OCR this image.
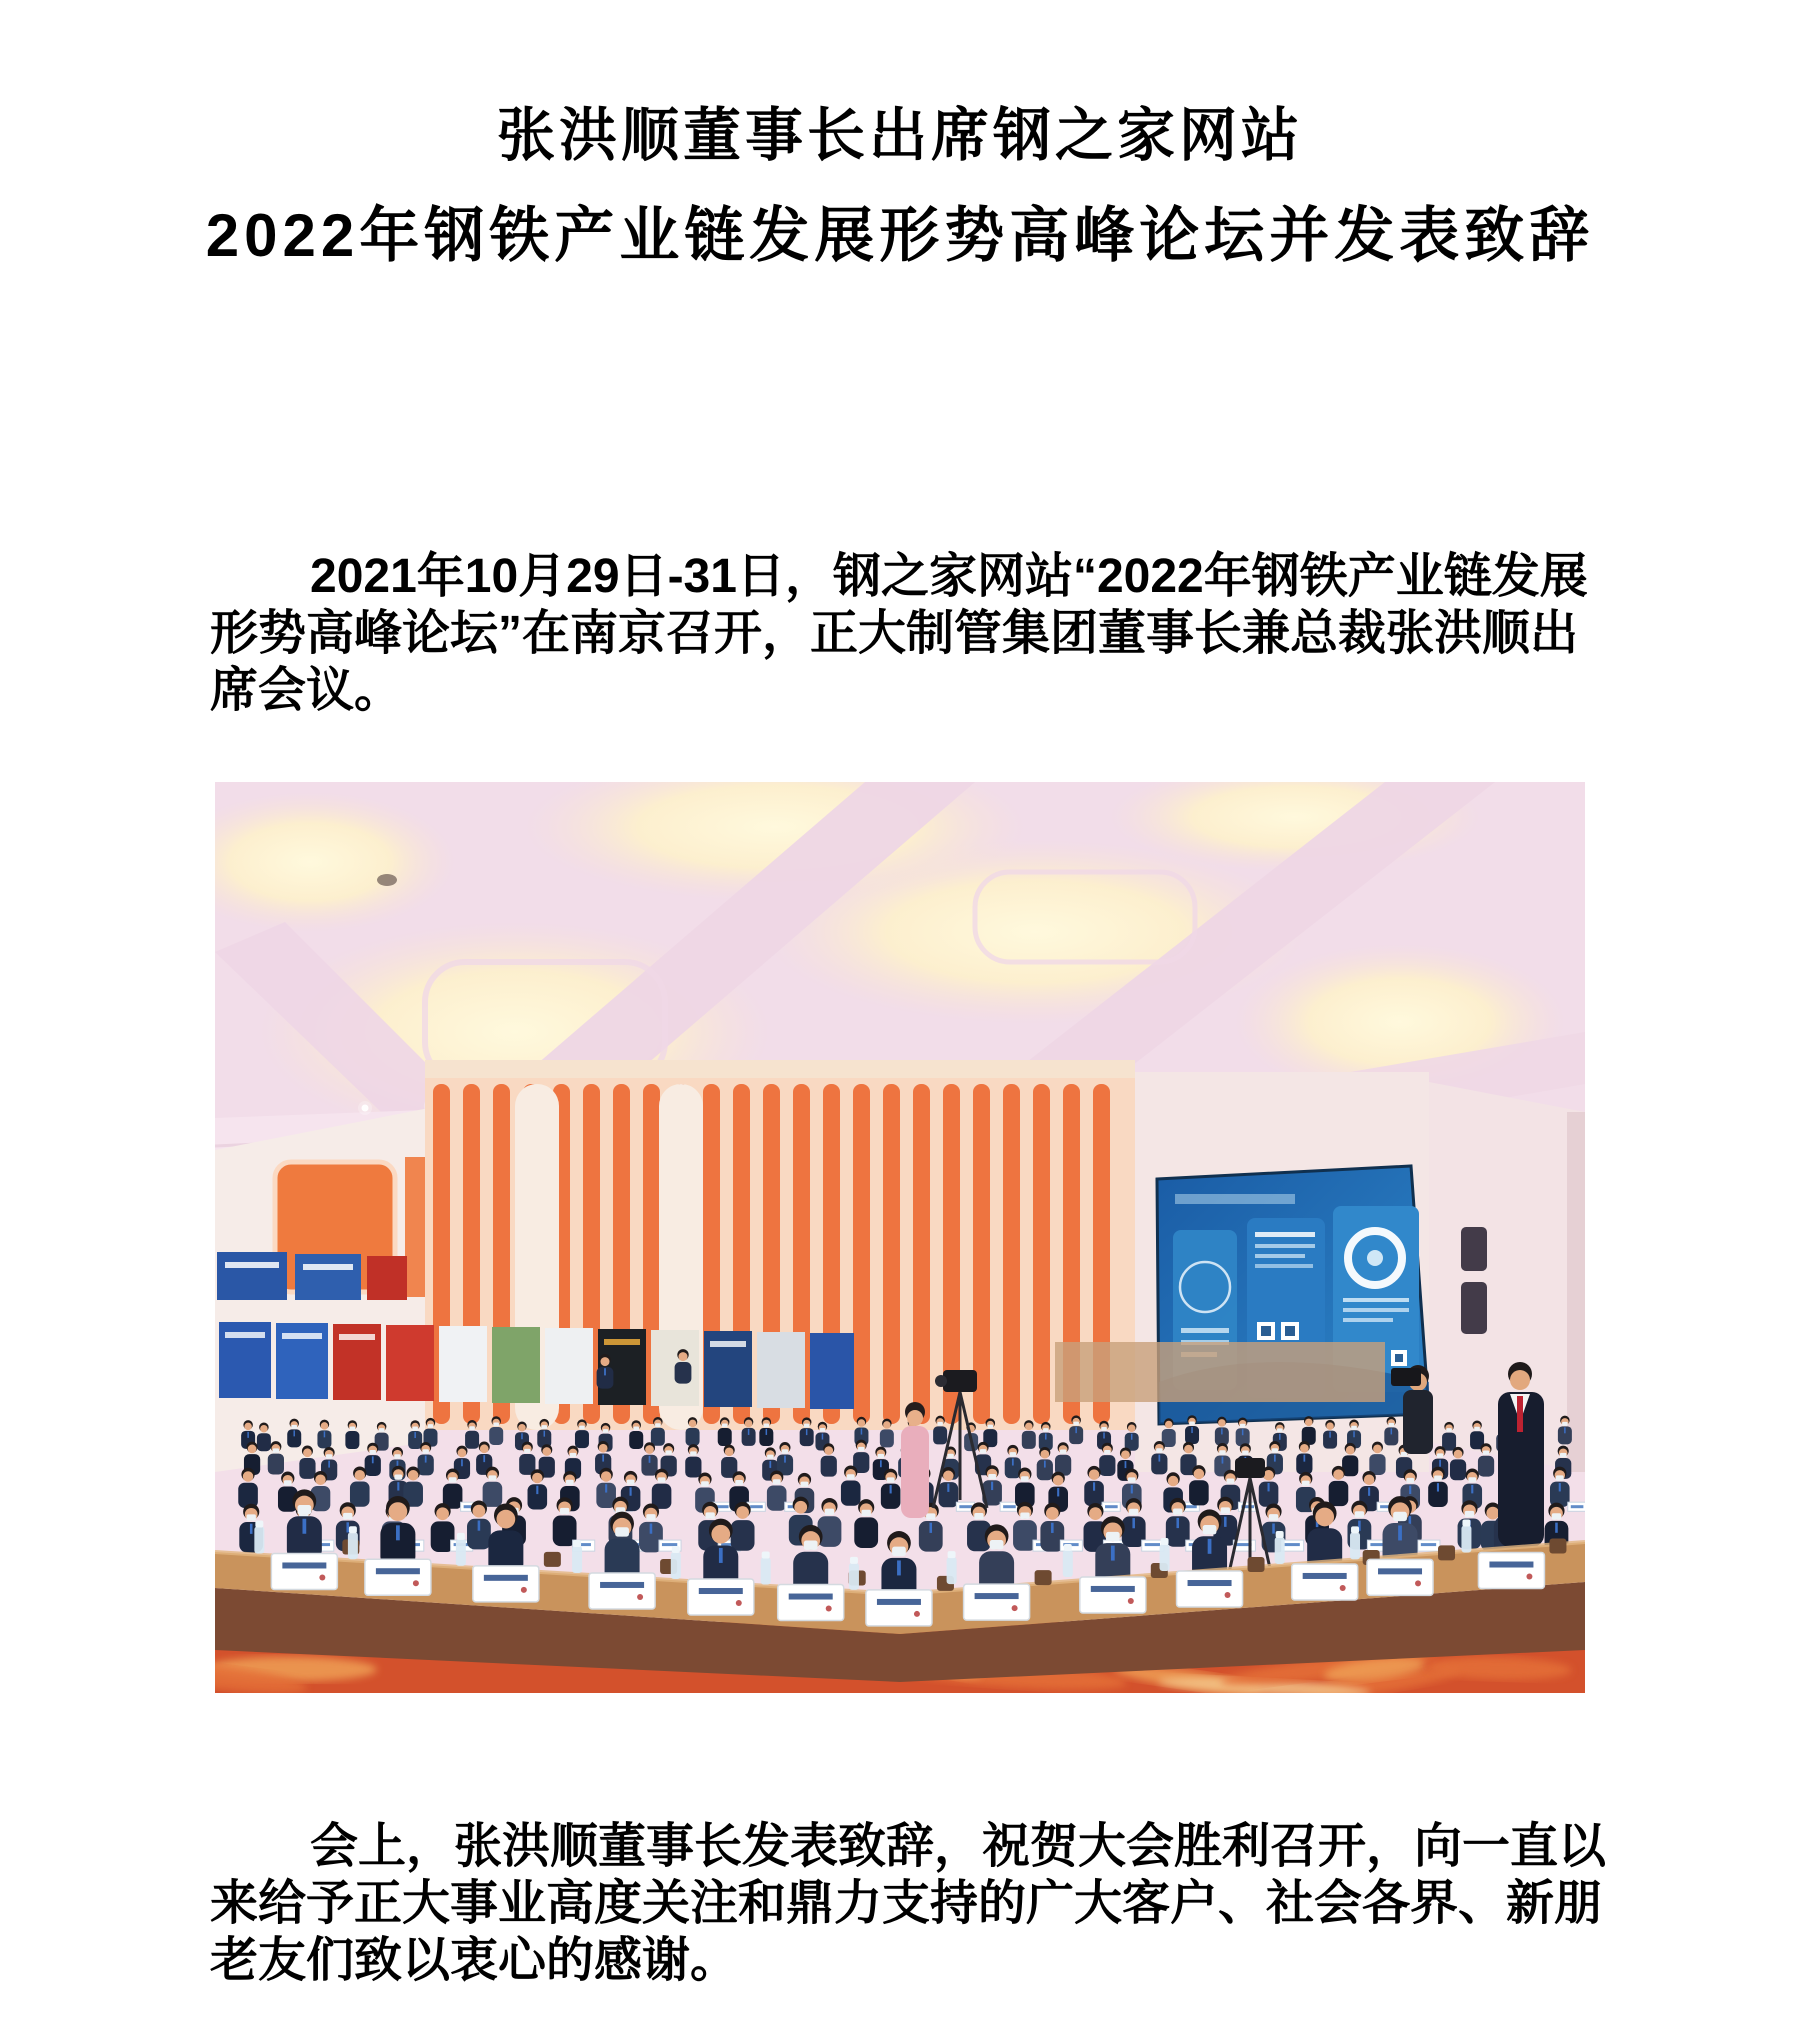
张洪顺董事长出席钢之家网站
2022年钢铁产业链发展形势高峰论坛并发表致辞
2021年10月29日-31日，钢之家网站“2022年钢铁产业链发展
形势高峰论坛”在南京召开，正大制管集团董事长兼总裁张洪顺出
席会议。
会上，张洪顺董事长发表致辞，祝贺大会胜利召开，向一直以
来给予正大事业高度关注和鼎力支持的广大客户、社会各界、新朋
老友们致以衷心的感谢。
